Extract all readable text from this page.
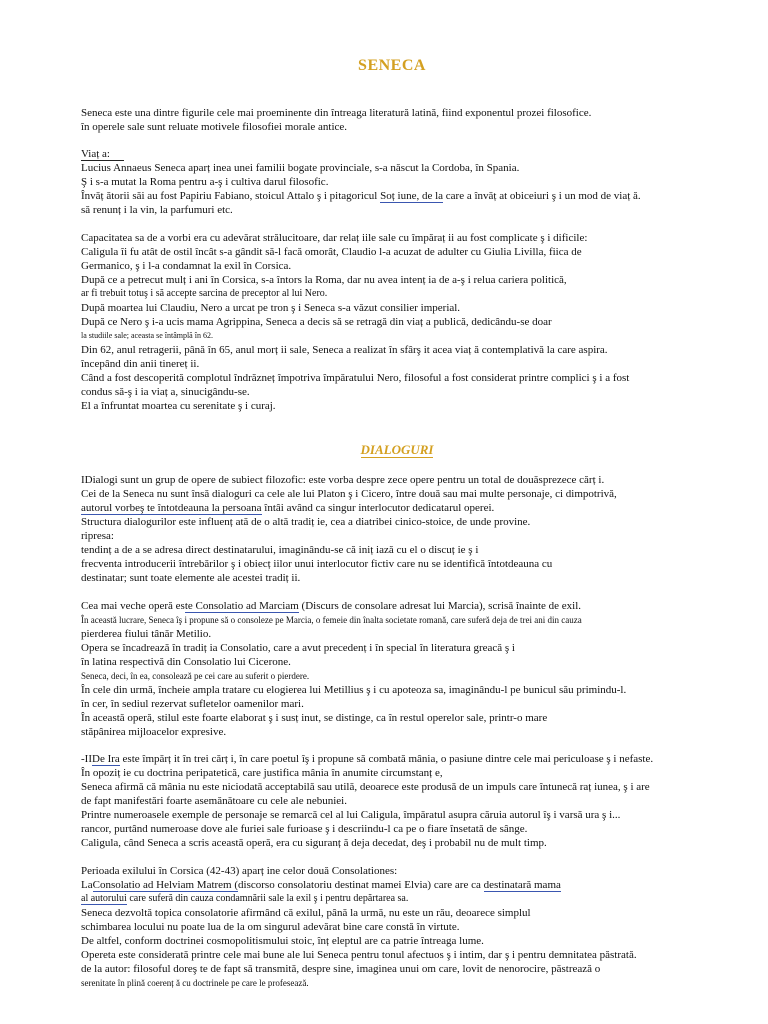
SENECA
Seneca este una dintre figurile cele mai proeminente din întreaga literatură latină, fiind exponentul prozei filosofice.
în operele sale sunt reluate motivele filosofiei morale antice.
Viaț a:
Lucius Annaeus Seneca aparț inea unei familii bogate provinciale, s-a născut la Cordoba, în Spania.
Ş i s-a mutat la Roma pentru a-ş i cultiva darul filosofic.
Învăț ătorii săi au fost Papiriu Fabiano, stoicul Attalo ş i pitagoricul Soț iune, de la care a învăț at obiceiuri ş i un mod de viaț ă.
să renunț i la vin, la parfumuri etc.
Capacitatea sa de a vorbi era cu adevărat strălucitoare, dar relaț iile sale cu împăraț ii au fost complicate ş i dificile:
Caligula îi fu atât de ostil încât s-a gândit să-l facă omorât, Claudio l-a acuzat de adulter cu Giulia Livilla, fiica de
Germanico, ş i l-a condamnat la exil în Corsica.
După ce a petrecut mulț i ani în Corsica, s-a întors la Roma, dar nu avea intenț ia de a-ş i relua cariera politică,
ar fi trebuit totuş i să accepte sarcina de preceptor al lui Nero.
După moartea lui Claudiu, Nero a urcat pe tron ş i Seneca s-a văzut consilier imperial.
După ce Nero ş i-a ucis mama Agrippina, Seneca a decis să se retragă din viaț a publică, dedicându-se doar
la studiile sale; aceasta se întâmplă în 62.
Din 62, anul retragerii, până în 65, anul morț ii sale, Seneca a realizat în sfârş it acea viaț ă contemplativă la care aspira.
începând din anii tinereț ii.
Când a fost descoperită complotul îndrăzneț împotriva împăratului Nero, filosoful a fost considerat printre complici ş i a fost
condus să-ş i ia viaț a, sinucigându-se.
El a înfruntat moartea cu serenitate ş i curaj.
DIALOGURI
IDialogi sunt un grup de opere de subiect filozofic: este vorba despre zece opere pentru un total de douăsprezece cărț i.
Cei de la Seneca nu sunt însă dialoguri ca cele ale lui Platon ş i Cicero, între două sau mai multe personaje, ci dimpotrivă,
autorul vorbeş te întotdeauna la persoana întâi având ca singur interlocutor dedicatarul operei.
Structura dialogurilor este influenț ată de o altă tradiț ie, cea a diatribei cinico-stoice, de unde provine.
ripresa:
tendinț a de a se adresa direct destinatarului, imaginându-se că iniț iază cu el o discuț ie ş i
frecventa introducerii întrebărilor ş i obiecț iilor unui interlocutor fictiv care nu se identifică întotdeauna cu
destinatar; sunt toate elemente ale acestei tradiț ii.
Cea mai veche operă este Consolatio ad Marciam (Discurs de consolare adresat lui Marcia), scrisă înainte de exil.
În această lucrare, Seneca îş i propune să o consoleze pe Marcia, o femeie din înalta societate romană, care suferă deja de trei ani din cauza
pierderea fiului tânăr Metilio.
Opera se încadrează în tradiț ia Consolatio, care a avut precedenț i în special în literatura greacă ş i
în latina respectivă din Consolatio lui Cicerone.
Seneca, deci, în ea, consolează pe cei care au suferit o pierdere.
În cele din urmă, încheie ampla tratare cu elogierea lui Metillius ş i cu apoteoza sa, imaginându-l pe bunicul său primindu-l.
în cer, în sediul rezervat sufletelor oamenilor mari.
În această operă, stilul este foarte elaborat ş i susț inut, se distinge, ca în restul operelor sale, printr-o mare
stăpânirea mijloacelor expresive.
-IIDe Ira este împărț it în trei cărț i, în care poetul îş i propune să combată mânia, o pasiune dintre cele mai periculoase ş i nefaste.
În opoziț ie cu doctrina peripatetică, care justifica mânia în anumite circumstanț e,
Seneca afirmă că mânia nu este niciodată acceptabilă sau utilă, deoarece este produsă de un impuls care întunecă raț iunea, ş i are
de fapt manifestări foarte asemănătoare cu cele ale nebuniei.
Printre numeroasele exemple de personaje se remarcă cel al lui Caligula, împăratul asupra căruia autorul îş i varsă ura ş i...
rancor, purtând numeroase dove ale furiei sale furioase ş i descriindu-l ca pe o fiare însetată de sânge.
Caligula, când Seneca a scris această operă, era cu siguranț ă deja decedat, deş i probabil nu de mult timp.
Perioada exilului în Corsica (42-43) aparț ine celor două Consolationes:
LaConsolatio ad Helviam Matrem (discorso consolatoriu destinat mamei Elvia) care are ca destinatară mama
al autorului care suferă din cauza condamnării sale la exil ş i pentru depărtarea sa.
Seneca dezvoltă topica consolatorie afirmând că exilul, până la urmă, nu este un rău, deoarece simplul
schimbarea locului nu poate lua de la om singurul adevărat bine care constă în virtute.
De altfel, conform doctrinei cosmopolitismului stoic, înț eleptul are ca patrie întreaga lume.
Opereta este considerată printre cele mai bune ale lui Seneca pentru tonul afectuos ş i intim, dar ş i pentru demnitatea păstrată.
de la autor: filosoful doreş te de fapt să transmită, despre sine, imaginea unui om care, lovit de nenorocire, păstrează o
serenitate în plină coerenț ă cu doctrinele pe care le profesează.
